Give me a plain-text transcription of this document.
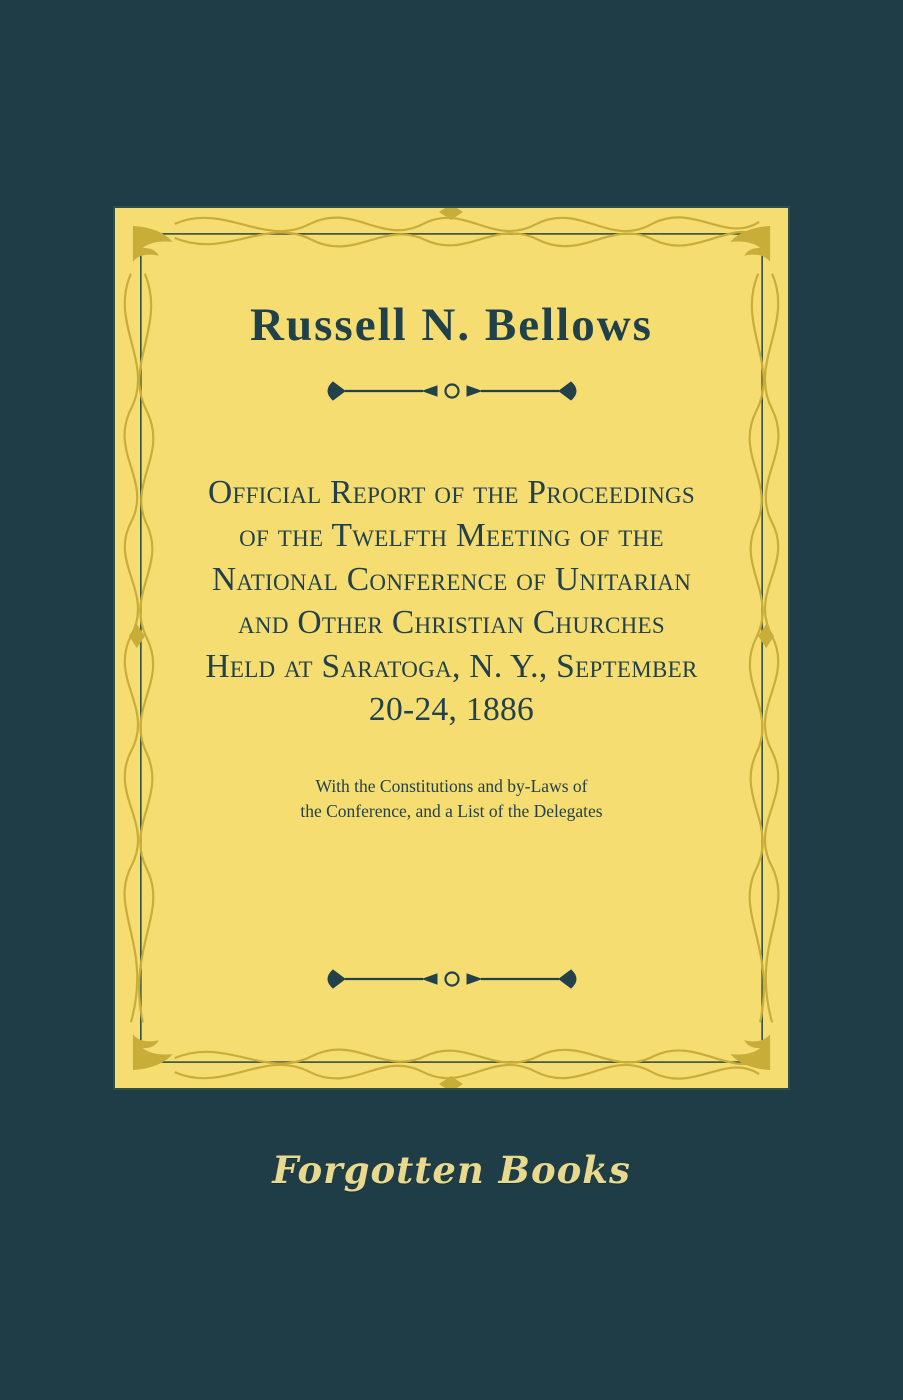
Russell N. Bellows
Official Report of the Proceedings
of the Twelfth Meeting of the
National Conference of Unitarian
and Other Christian Churches
Held at Saratoga, N. Y., September
20-24, 1886
With the Constitutions and by-Laws of
the Conference, and a List of the Delegates
Forgotten Books
